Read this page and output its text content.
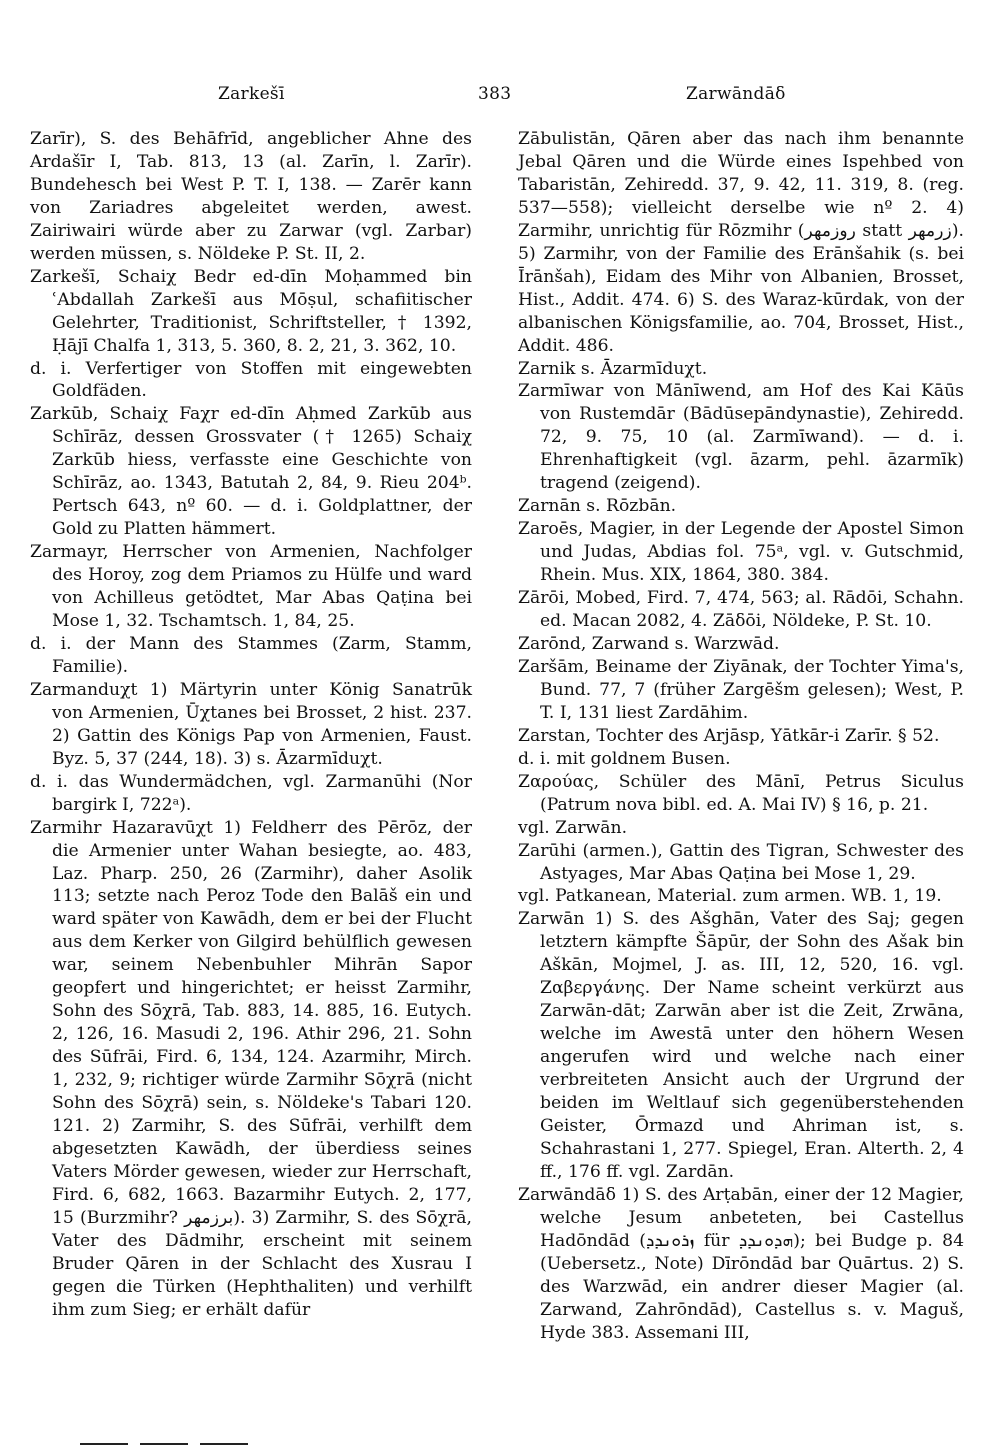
Zarkešī	383	Zarwāndāδ

Zarīr), S. des Behāfrīd, angeblicher Ahne des Ardašīr I, Tab. 813, 13 (al. Zarīn, l. Zarīr). Bundehesch bei West P. T. I, 138. — Zarēr kann von Zariadres abgeleitet werden, awest. Zairiwairi würde aber zu Zarwar (vgl. Zarbar) werden müssen, s. Nöldeke P. St. II, 2.

Zarkešī, Schaiχ Bedr ed-dīn Moḥammed bin ʿAbdallah Zarkešī aus Mōṣul, schafiitischer Gelehrter, Traditionist, Schriftsteller, † 1392, Ḥājī Chalfa 1, 313, 5. 360, 8. 2, 21, 3. 362, 10.

d. i. Verfertiger von Stoffen mit eingewebten Goldfäden.

Zarkūb, Schaiχ Faχr ed-dīn Aḥmed Zarkūb aus Schīrāz, dessen Grossvater († 1265) Schaiχ Zarkūb hiess, verfasste eine Geschichte von Schīrāz, ao. 1343, Batutah 2, 84, 9. Rieu 204ᵇ. Pertsch 643, nº 60. — d. i. Goldplattner, der Gold zu Platten hämmert.

Zarmayr, Herrscher von Armenien, Nachfolger des Horoy, zog dem Priamos zu Hülfe und ward von Achilleus getödtet, Mar Abas Qaṭina bei Mose 1, 32. Tschamtsch. 1, 84, 25.

d. i. der Mann des Stammes (Zarm, Stamm, Familie).

Zarmanduχt 1) Märtyrin unter König Sanatrūk von Armenien, Ūχtanes bei Brosset, 2 hist. 237. 2) Gattin des Königs Pap von Armenien, Faust. Byz. 5, 37 (244, 18). 3) s. Āzarmīduχt.

d. i. das Wundermädchen, vgl. Zarmanūhi (Nor bargirk I, 722ᵃ).

Zarmihr Hazaravūχt 1) Feldherr des Pērōz, der die Armenier unter Wahan besiegte, ao. 483, Laz. Pharp. 250, 26 (Zarmihr), daher Asolik 113; setzte nach Peroz Tode den Balāš ein und ward später von Kawādh, dem er bei der Flucht aus dem Kerker von Gilgird behülflich gewesen war, seinem Nebenbuhler Mihrān Sapor geopfert und hingerichtet; er heisst Zarmihr, Sohn des Sōχrā, Tab. 883, 14. 885, 16. Eutych. 2, 126, 16. Masudi 2, 196. Athir 296, 21. Sohn des Sūfrāi, Fird. 6, 134, 124. Azarmihr, Mirch. 1, 232, 9; richtiger würde Zarmihr Sōχrā (nicht Sohn des Sōχrā) sein, s. Nöldeke's Tabari 120. 121. 2) Zarmihr, S. des Sūfrāi, verhilft dem abgesetzten Kawādh, der überdiess seines Vaters Mörder gewesen, wieder zur Herrschaft, Fird. 6, 682, 1663. Bazarmihr Eutych. 2, 177, 15 (Burzmihr? برزمهر). 3) Zarmihr, S. des Sōχrā, Vater des Dādmihr, erscheint mit seinem Bruder Qāren in der Schlacht des Xusrau I gegen die Türken (Hephthaliten) und verhilft ihm zum Sieg; er erhält dafür

Zābulistān, Qāren aber das nach ihm benannte Jebal Qāren und die Würde eines Ispehbed von Tabaristān, Zehiredd. 37, 9. 42, 11. 319, 8. (reg. 537—558); vielleicht derselbe wie nº 2. 4) Zarmihr, unrichtig für Rōzmihr (روزمهر statt زرمهر). 5) Zarmihr, von der Familie des Erānšahik (s. bei Īrānšah), Eidam des Mihr von Albanien, Brosset, Hist., Addit. 474. 6) S. des Waraz-kūrdak, von der albanischen Königsfamilie, ao. 704, Brosset, Hist., Addit. 486.

Zarnik s. Āzarmīduχt.

Zarmīwar von Mānīwend, am Hof des Kai Kāūs von Rustemdār (Bādūsepāndynastie), Zehiredd. 72, 9. 75, 10 (al. Zarmīwand). — d. i. Ehrenhaftigkeit (vgl. āzarm, pehl. āzarmīk) tragend (zeigend).

Zarnān s. Rōzbān.

Zaroēs, Magier, in der Legende der Apostel Simon und Judas, Abdias fol. 75ᵃ, vgl. v. Gutschmid, Rhein. Mus. XIX, 1864, 380. 384.

Zārōi, Mobed, Fird. 7, 474, 563; al. Rādōi, Schahn. ed. Macan 2082, 4. Zāδōi, Nöldeke, P. St. 10.

Zarōnd, Zarwand s. Warzwād.

Zaršām, Beiname der Ziyānak, der Tochter Yima's, Bund. 77, 7 (früher Zargēšm gelesen); West, P. T. I, 131 liest Zardāhim.

Zarstan, Tochter des Arjāsp, Yātkār-i Zarīr. § 52.

d. i. mit goldnem Busen.

Ζαρούας, Schüler des Mānī, Petrus Siculus (Patrum nova bibl. ed. A. Mai IV) § 16, p. 21.

vgl. Zarwān.

Zarūhi (armen.), Gattin des Tigran, Schwester des Astyages, Mar Abas Qaṭina bei Mose 1, 29.

vgl. Patkanean, Material. zum armen. WB. 1, 19.

Zarwān 1) S. des Ašghān, Vater des Saj; gegen letztern kämpfte Šāpūr, der Sohn des Ašak bin Aškān, Mojmel, J. as. III, 12, 520, 16. vgl. Ζαβεργάνης. Der Name scheint verkürzt aus Zarwān-dāt; Zarwān aber ist die Zeit, Zrwāna, welche im Awestā unter den höhern Wesen angerufen wird und welche nach einer verbreiteten Ansicht auch der Urgrund der beiden im Weltlauf sich gegenüberstehenden Geister, Ōrmazd und Ahriman ist, s. Schahrastani 1, 277. Spiegel, Eran. Alterth. 2, 4 ff., 176 ff. vgl. Zardān.

Zarwāndāδ 1) S. des Arṭabān, einer der 12 Magier, welche Jesum anbeteten, bei Castellus Hadōndād (ܙܪܘܢܕܕ für ܗܕܘܢܕܕ); bei Budge p. 84 (Uebersetz., Note) Dīrōndād bar Quārtus. 2) S. des Warzwād, ein andrer dieser Magier (al. Zarwand, Zahrōndād), Castellus s. v. Maguš, Hyde 383. Assemani III,
